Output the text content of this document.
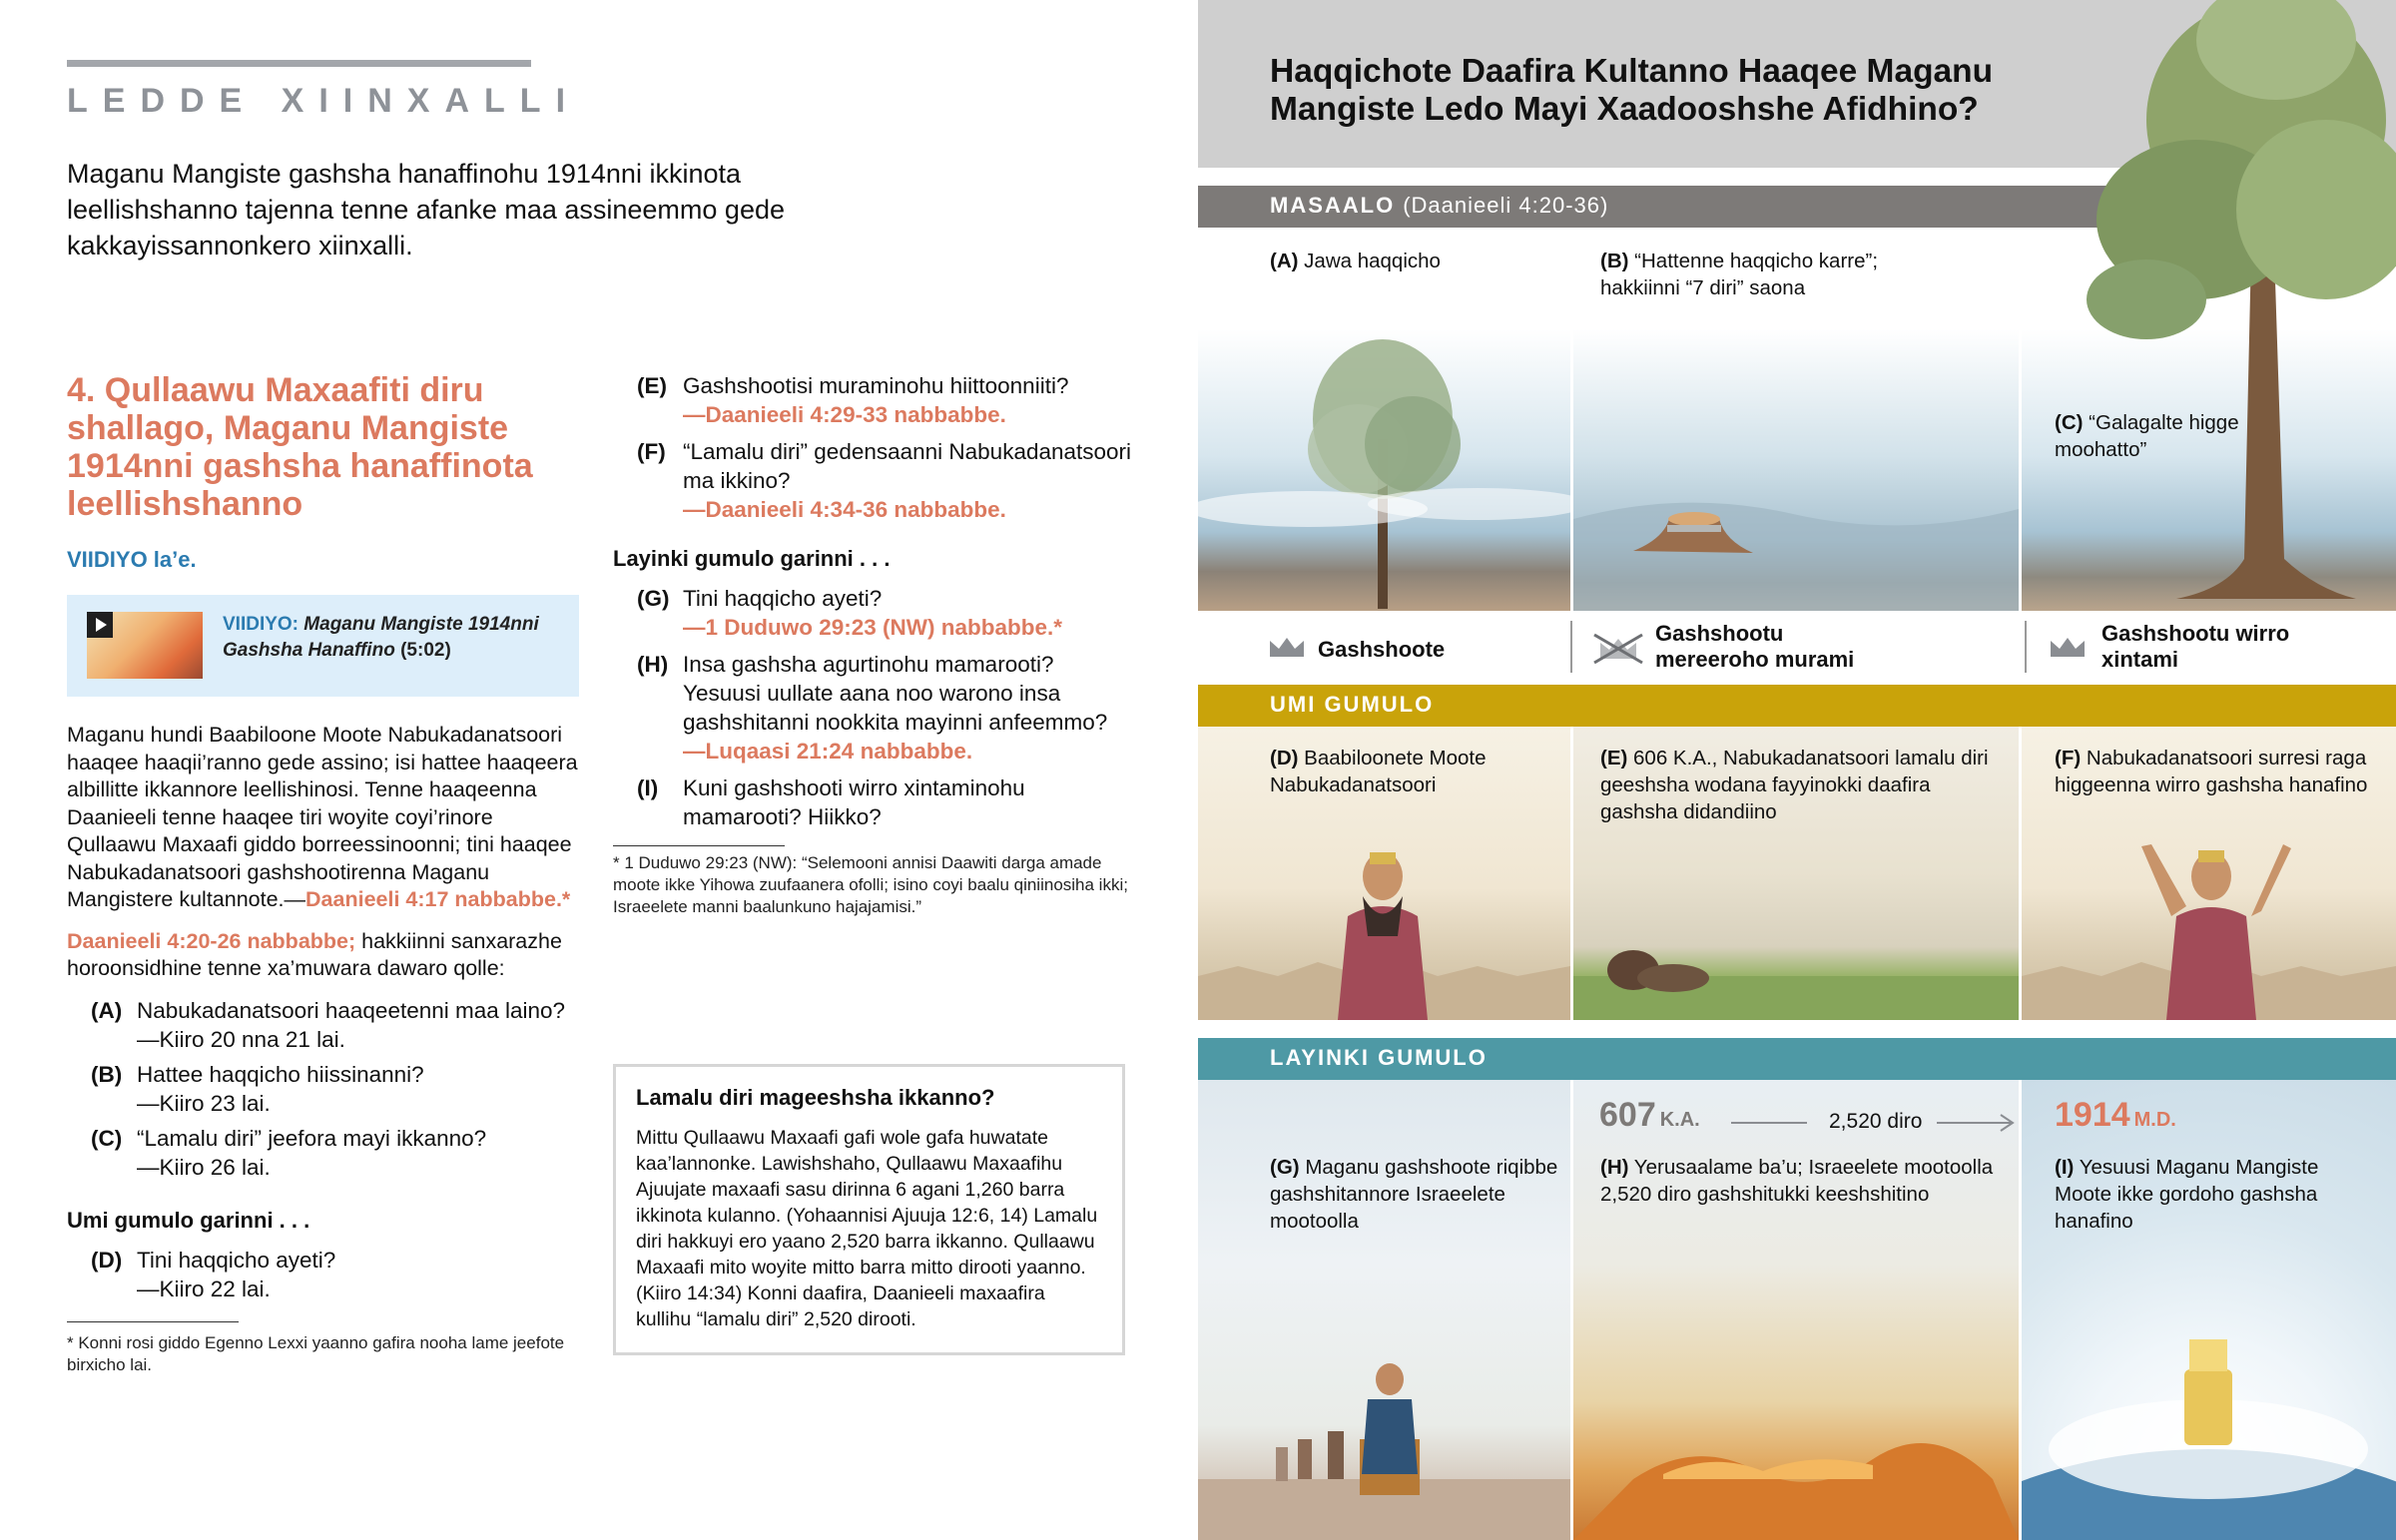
LEDDE XIINXALLI
Maganu Mangiste gashsha hanaffinohu 1914nni ikkinota leellishshanno tajenna tenne afanke maa assineemmo gede kakkayissannonkero xiinxalli.
4. Qullaawu Maxaafiti diru shallago, Maganu Mangiste 1914nni gashsha hanaffinota leellishshanno
VIIDIYO la’e.
VIIDIYO: Maganu Mangiste 1914nni Gashsha Hanaffino (5:02)

Maganu hundi Baabiloone Moote Nabukadanatsoori haaqee haaqii’ranno gede assino; isi hattee haaqeera albillitte ikkannore leellishinosi. Tenne haaqeenna Daanieeli tenne haaqee tiri woyite coyi’rinore Qullaawu Maxaafi giddo borreessinoonni; tini haaqee Nabukadanatsoori gashshootirenna Maganu Mangistere kultannote.—Daanieeli 4:17 nabbabbe.*

Daanieeli 4:20-26 nabbabbe; hakkiinni sanxarazhe horoonsidhine tenne xa’muwara dawaro qolle:

(A) Nabukadanatsoori haaqeetenni maa laino?
—Kiiro 20 nna 21 lai.
(B) Hattee haqqicho hiissinanni?
—Kiiro 23 lai.
(C) “Lamalu diri” jeefora mayi ikkanno?
—Kiiro 26 lai.
Umi gumulo garinni . . .
(D) Tini haqqicho ayeti?
—Kiiro 22 lai.
* Konni rosi giddo Egenno Lexxi yaanno gafira nooha lame jeefote birxicho lai.
(E) Gashshootisi muraminohu hiittoonniiti?
—Daanieeli 4:29-33 nabbabbe.
(F) “Lamalu diri” gedensaanni Nabukadanatsoori ma ikkino?
—Daanieeli 4:34-36 nabbabbe.
Layinki gumulo garinni . . .
(G) Tini haqqicho ayeti?
—1 Duduwo 29:23 (NW) nabbabbe.*
(H) Insa gashsha agurtinohu mamarooti? Yesuusi uullate aana noo warono insa gashshitanni nookkita mayinni anfeemmo?
—Luqaasi 21:24 nabbabbe.
(I)	Kuni gashshooti wirro xintaminohu mamarooti? Hiikko?
* 1 Duduwo 29:23 (NW): “Selemooni annisi Daawiti darga amade moote ikke Yihowa zuufaanera ofolli; isino coyi baalu qiniinosiha ikki; Israeelete manni baalunkuno hajajamisi.”
Lamalu diri mageeshsha ikkanno?
Mittu Qullaawu Maxaafi gafi wole gafa huwatate kaa’lannonke. Lawishshaho, Qullaawu Maxaafihu Ajuujate maxaafi sasu dirinna 6 agani 1,260 barra ikkinota kulanno. (Yohaannisi Ajuuja 12:6, 14) Lamalu diri hakkuyi ero yaano 2,520 barra ikkanno. Qullaawu Maxaafi mito woyite mitto barra mitto dirooti yaanno. (Kiiro 14:34) Konni daafira, Daanieeli maxaafira kullihu “lamalu diri” 2,520 dirooti.
Haqqichote Daafira Kultanno Haaqee Maganu Mangiste Ledo Mayi Xaadooshshe Afidhino?
MASAALO (Daanieeli 4:20-36)
(A) Jawa haqqicho	(B) “Hattenne haqqicho karre”; hakkiinni “7 diri” saona
(C) “Galagalte higge moohatto”
Gashshoote
Gashshootu mereeroho murami
Gashshootu wirro xintami
UMI GUMULO
(D) Baabiloonete Moote Nabukadanatsoori
(E) 606 K.A., Nabukadanatsoori lamalu diri geeshsha wodana fayyinokki daafira gashsha didandiino
(F) Nabukadanatsoori surresi raga higgeenna wirro gashsha hanafino
LAYINKI GUMULO
607 K.A.	2,520 diro	1914 M.D.
(G) Maganu gashshoote riqibbe gashshitannore Israeelete mootoolla
(H) Yerusaalame ba’u; Israeelete mootoolla 2,520 diro gashshitukki keeshshitino
(I) Yesuusi Maganu Mangiste Moote ikke gordoho gashsha hanafino
